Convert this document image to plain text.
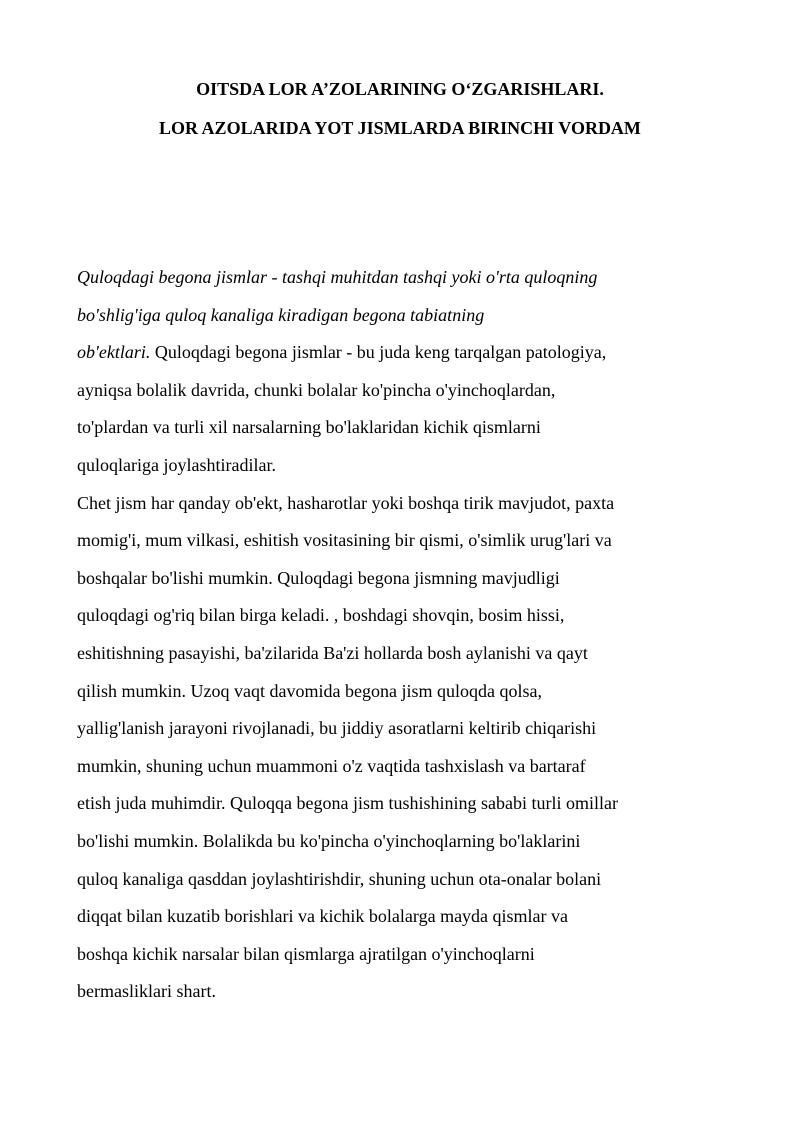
OITSDA LOR A’ZOLARINING O‘ZGARISHLARI.
LOR AZOLARIDA YOT JISMLARDA BIRINCHI VORDAM
Quloqdagi begona jismlar - tashqi muhitdan tashqi yoki o'rta quloqning
bo'shlig'iga quloq kanaliga kiradigan begona tabiatning
ob'ektlari. Quloqdagi begona jismlar - bu juda keng tarqalgan patologiya,
ayniqsa bolalik davrida, chunki bolalar ko'pincha o'yinchoqlardan,
to'plardan va turli xil narsalarning bo'laklaridan kichik qismlarni
quloqlariga joylashtiradilar.
Chet jism har qanday ob'ekt, hasharotlar yoki boshqa tirik mavjudot, paxta
momig'i, mum vilkasi, eshitish vositasining bir qismi, o'simlik urug'lari va
boshqalar bo'lishi mumkin. Quloqdagi begona jismning mavjudligi
quloqdagi og'riq bilan birga keladi. , boshdagi shovqin, bosim hissi,
eshitishning pasayishi, ba'zilarida Ba'zi hollarda bosh aylanishi va qayt
qilish mumkin. Uzoq vaqt davomida begona jism quloqda qolsa,
yallig'lanish jarayoni rivojlanadi, bu jiddiy asoratlarni keltirib chiqarishi
mumkin, shuning uchun muammoni o'z vaqtida tashxislash va bartaraf
etish juda muhimdir. Quloqqa begona jism tushishining sababi turli omillar
bo'lishi mumkin. Bolalikda bu ko'pincha o'yinchoqlarning bo'laklarini
quloq kanaliga qasddan joylashtirishdir, shuning uchun ota-onalar bolani
diqqat bilan kuzatib borishlari va kichik bolalarga mayda qismlar va
boshqa kichik narsalar bilan qismlarga ajratilgan o'yinchoqlarni
bermasliklari shart.
